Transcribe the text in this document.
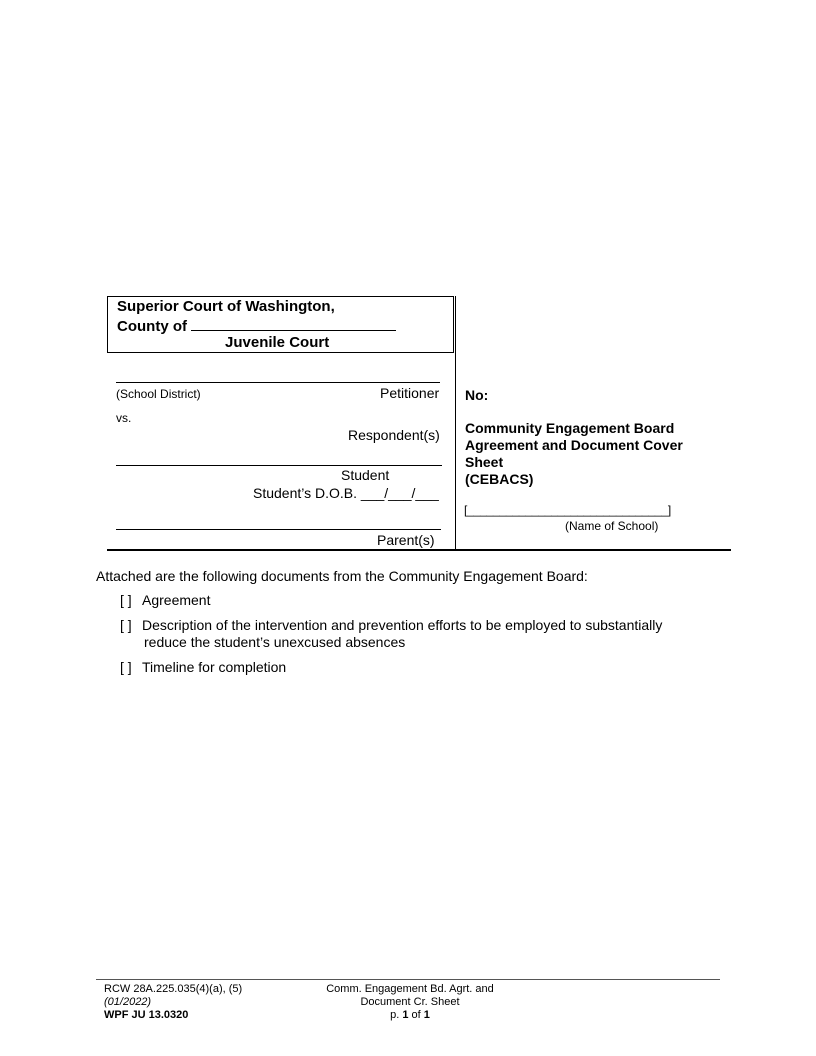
Superior Court of Washington,
County of
Juvenile Court
(School District)	Petitioner
vs.
Respondent(s)
Student
Student’s D.O.B. ___/___/___
Parent(s)
No:
Community Engagement Board
Agreement and Document Cover
Sheet
(CEBACS)
[_______________________________]
(Name of School)
Attached are the following documents from the Community Engagement Board:
[ ] Agreement
[ ] Description of the intervention and prevention efforts to be employed to substantially
reduce the student’s unexcused absences
[ ] Timeline for completion
RCW 28A.225.035(4)(a), (5)
(01/2022)
WPF JU 13.0320
Comm. Engagement Bd. Agrt. and
Document Cr. Sheet
p. 1 of 1
